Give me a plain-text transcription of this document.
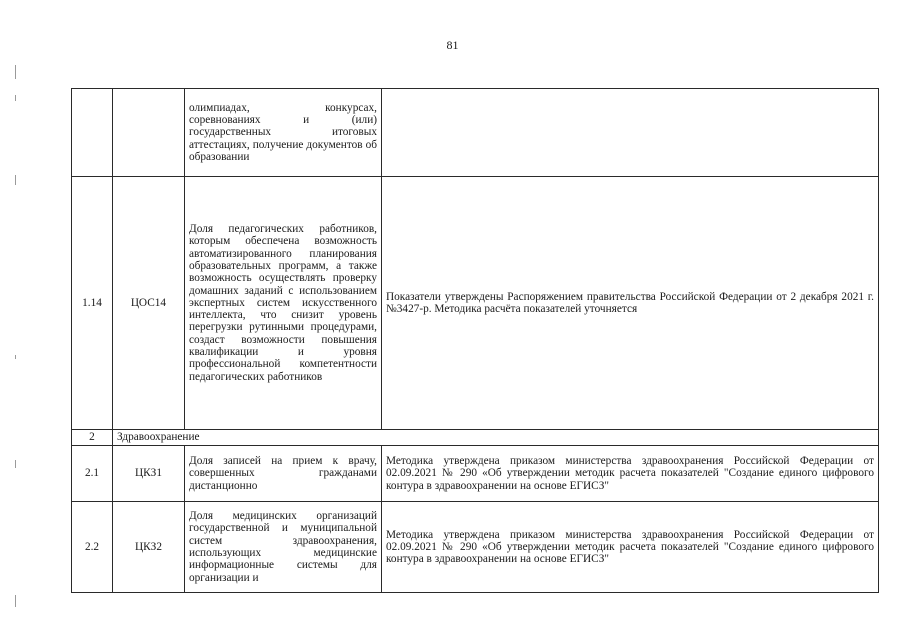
81
		олимпиадах, конкурсах, соревнованиях и (или) государственных итоговых аттестациях, получение документов об образовании	
1.14	ЦОС14	Доля педагогических работников, которым обеспечена возможность автоматизированного планирования образовательных программ, а также возможность осуществлять проверку домашних заданий с использованием экспертных систем искусственного интеллекта, что снизит уровень перегрузки рутинными процедурами, создаст возможности повышения квалификации и уровня профессиональной компетентности педагогических работников	Показатели утверждены Распоряжением правительства Российской Федерации от 2 декабря 2021 г. №3427-р. Методика расчёта показателей уточняется
2	Здравоохранение		
2.1	ЦКЗ1	Доля записей на прием к врачу, совершенных гражданами дистанционно	Методика утверждена приказом министерства здравоохранения Российской Федерации от 02.09.2021 № 290 «Об утверждении методик расчета показателей "Создание единого цифрового контура в здравоохранении на основе ЕГИСЗ"
2.2	ЦКЗ2	Доля медицинских организаций государственной и муниципальной систем здравоохранения, использующих медицинские информационные системы для организации и	Методика утверждена приказом министерства здравоохранения Российской Федерации от 02.09.2021 № 290 «Об утверждении методик расчета показателей "Создание единого цифрового контура в здравоохранении на основе ЕГИСЗ"
